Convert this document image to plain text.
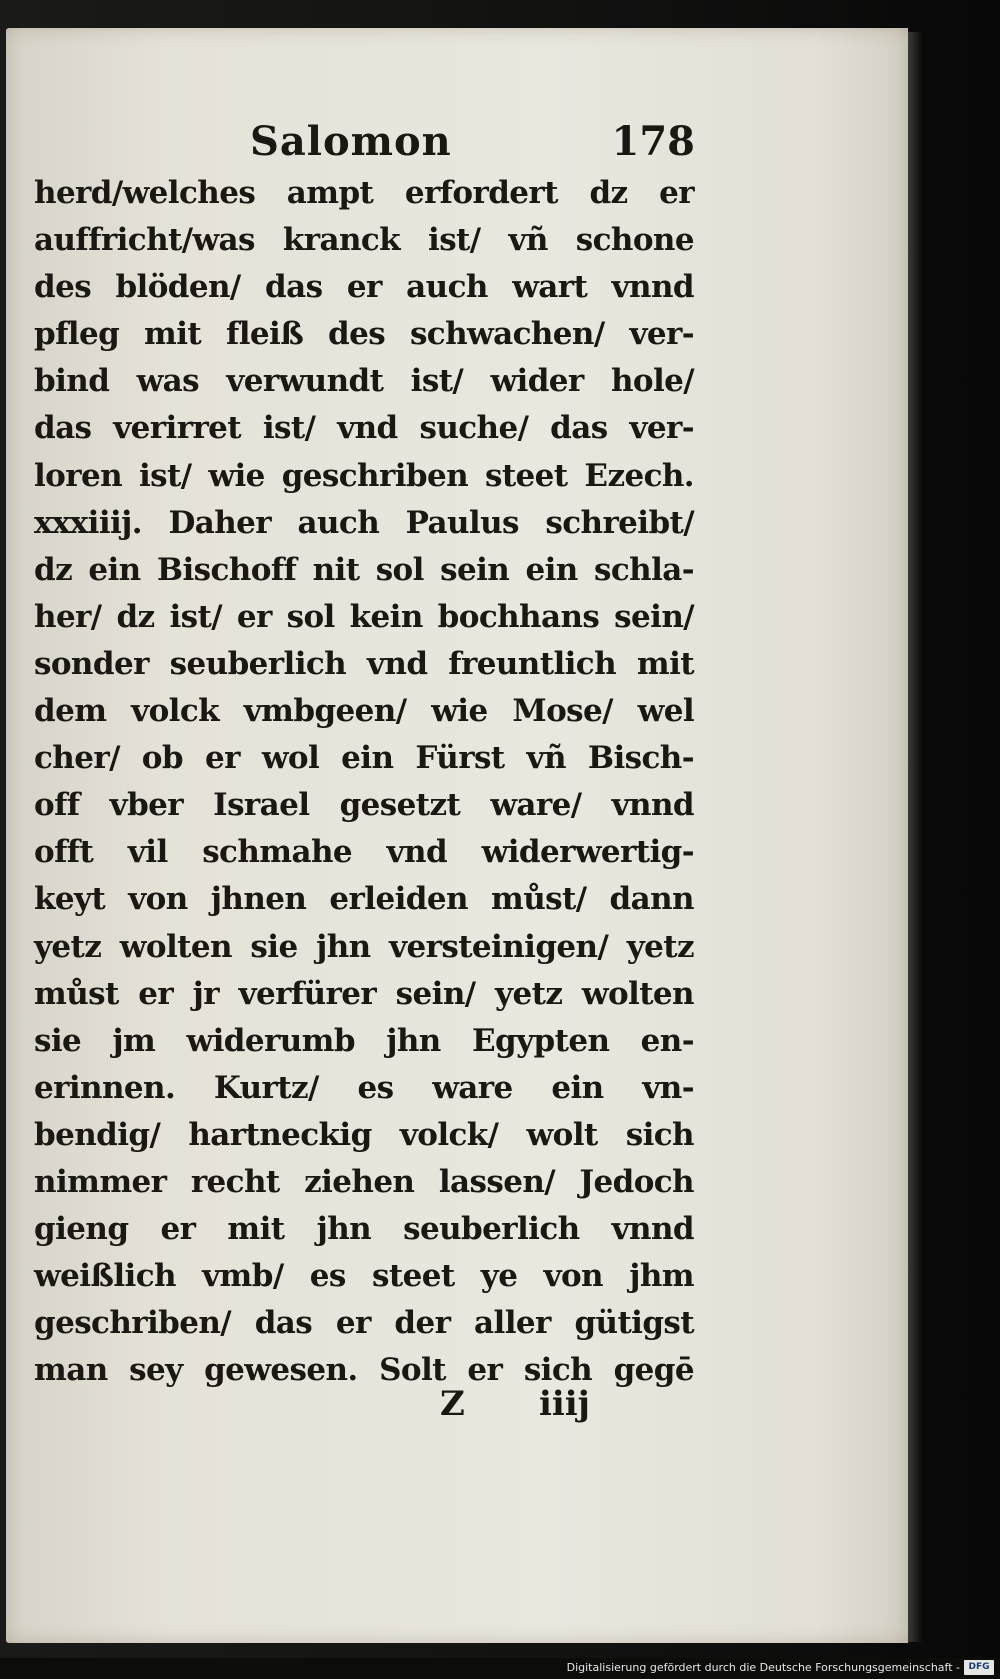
Salomon	178
herd/welches ampt erfordert dz er
auffricht/was kranck ist/ vñ schone
des blöden/ das er auch wart vnnd
pfleg mit fleiß des schwachen/ ver-
bind was verwundt ist/ wider hole/
das verirret ist/ vnd suche/ das ver-
loren ist/ wie geschriben steet Ezech.
xxxiiij. Daher auch Paulus schreibt/
dz ein Bischoff nit sol sein ein schla-
her/ dz ist/ er sol kein bochhans sein/
sonder seuberlich vnd freuntlich mit
dem volck vmbgeen/ wie Mose/ wel
cher/ ob er wol ein Fürst vñ Bisch-
off vber Israel gesetzt ware/ vnnd
offt vil schmahe vnd widerwertig-
keyt von jhnen erleiden můst/ dann
yetz wolten sie jhn versteinigen/ yetz
můst er jr verfürer sein/ yetz wolten
sie jm widerumb jhn Egypten en-
erinnen. Kurtz/ es ware ein vn-
bendig/ hartneckig volck/ wolt sich
nimmer recht ziehen lassen/ Jedoch
gieng er mit jhn seuberlich vnnd
weißlich vmb/ es steet ye von jhm
geschriben/ das er der aller gütigst
man sey gewesen. Solt er sich gegē
Z iiij
Digitalisierung gefördert durch die Deutsche Forschungsgemeinschaft - DFG
